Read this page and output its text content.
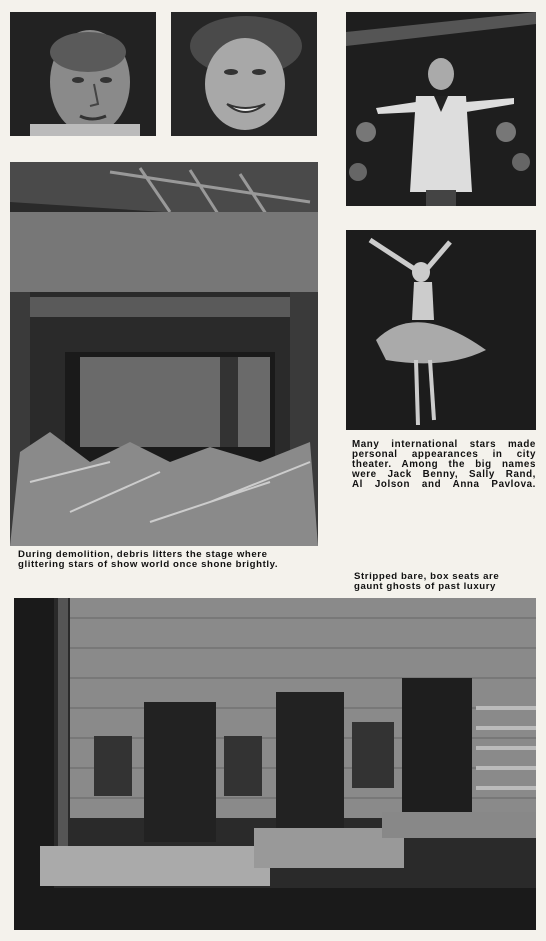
Many international stars made
personal appearances in city
theater. Among the big names
were Jack Benny, Sally Rand,
Al Jolson and Anna Pavlova.
During demolition, debris litters the stage where
glittering stars of show world once shone brightly.
Stripped bare, box seats are
gaunt ghosts of past luxury
